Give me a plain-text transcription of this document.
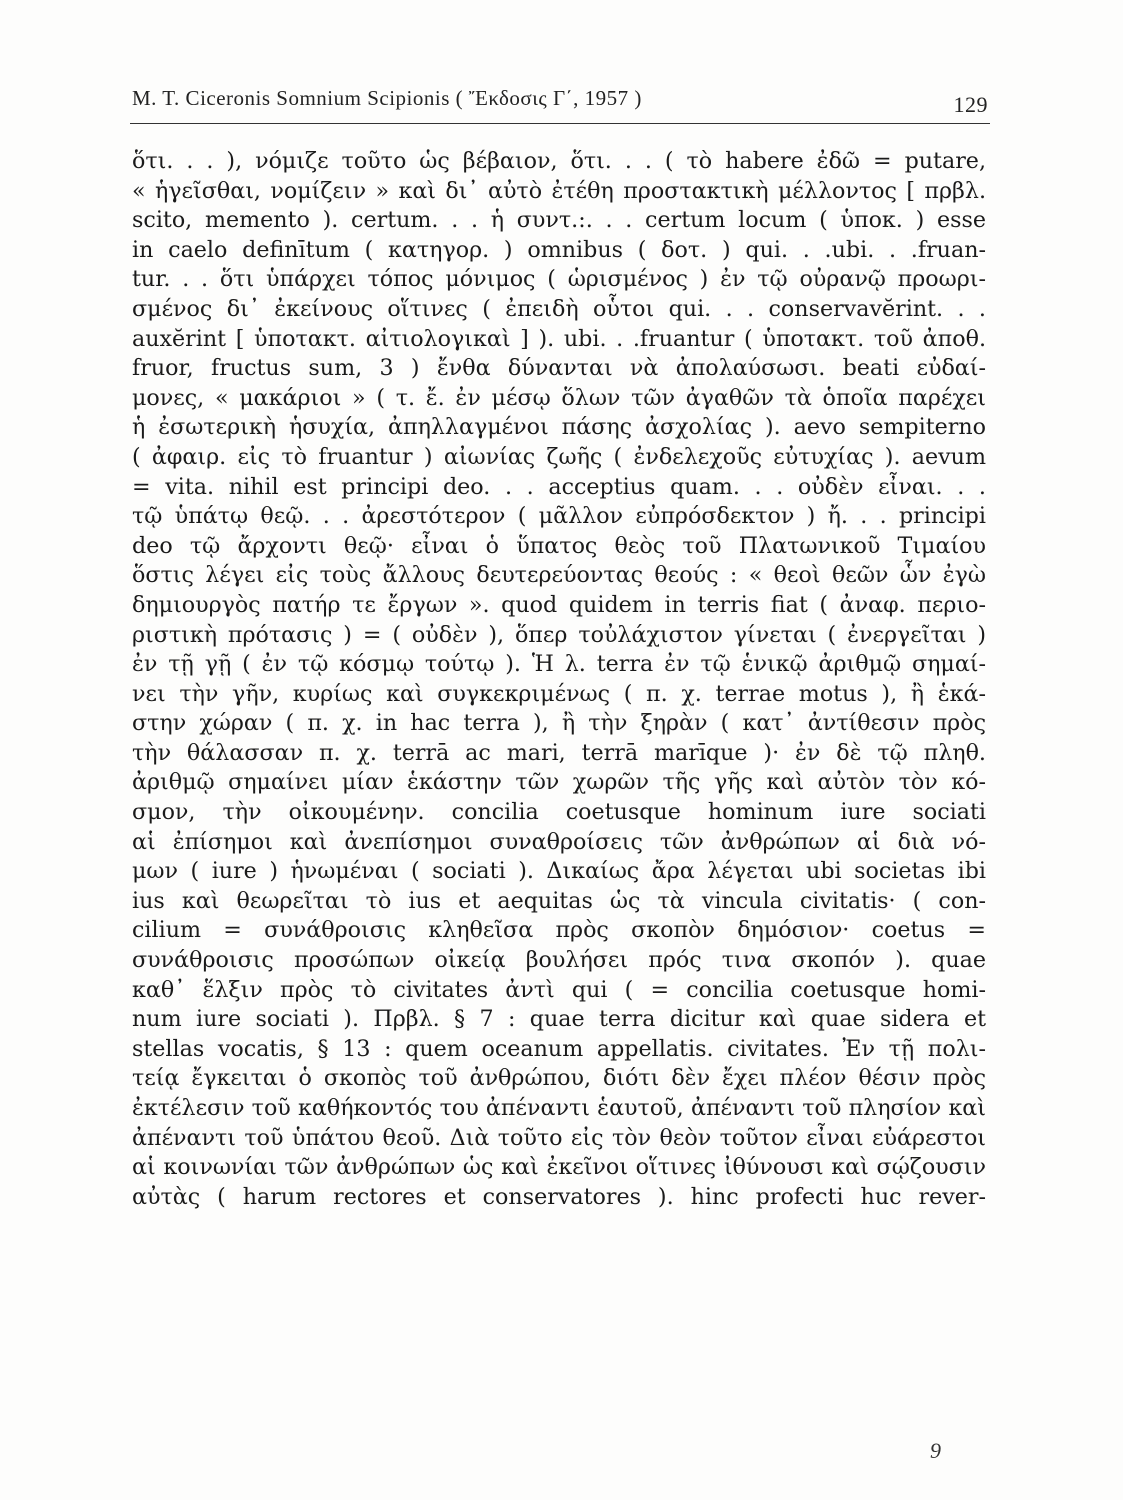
M. T. Ciceronis Somnium Scipionis ( Ἔκδοσις Γ΄, 1957 )	129
ὅτι. . . ), νόμιζε τοῦτο ὡς βέβαιον, ὅτι. . . ( τὸ habere ἐδῶ = putare,
« ἡγεῖσθαι, νομίζειν » καὶ δι᾽ αὐτὸ ἐτέθη προστακτικὴ μέλλοντος [ πρβλ.
scito, memento ). certum. . . ἡ συντ.:. . . certum locum ( ὑποκ. ) esse
in caelo definītum ( κατηγορ. ) omnibus ( δοτ. ) qui. . .ubi. . .fruan-
tur. . . ὅτι ὑπάρχει τόπος μόνιμος ( ὡρισμένος ) ἐν τῷ οὐρανῷ προωρι-
σμένος δι᾽ ἐκείνους οἵτινες ( ἐπειδὴ οὗτοι qui. . . conservavĕrint. . .
auxĕrint [ ὑποτακτ. αἰτιολογικαὶ ] ). ubi. . .fruantur ( ὑποτακτ. τοῦ ἀποθ.
fruor, fructus sum, 3 ) ἔνθα δύνανται νὰ ἀπολαύσωσι. beati εὐδαί-
μονες, « μακάριοι » ( τ. ἔ. ἐν μέσῳ ὅλων τῶν ἀγαθῶν τὰ ὁποῖα παρέχει
ἡ ἐσωτερικὴ ἡσυχία, ἀπηλλαγμένοι πάσης ἀσχολίας ). aevo sempiterno
( ἀφαιρ. εἰς τὸ fruantur ) αἰωνίας ζωῆς ( ἐνδελεχοῦς εὐτυχίας ). aevum
= vita. nihil est principi deo. . . acceptius quam. . . οὐδὲν εἶναι. . .
τῷ ὑπάτῳ θεῷ. . . ἀρεστότερον ( μᾶλλον εὐπρόσδεκτον ) ἤ. . . principi
deo τῷ ἄρχοντι θεῷ· εἶναι ὁ ὕπατος θεὸς τοῦ Πλατωνικοῦ Τιμαίου
ὅστις λέγει εἰς τοὺς ἄλλους δευτερεύοντας θεούς : « θεοὶ θεῶν ὧν ἐγὼ
δημιουργὸς πατήρ τε ἔργων ». quod quidem in terris fiat ( ἀναφ. περιο-
ριστικὴ πρότασις ) = ( οὐδὲν ), ὅπερ τοὐλάχιστον γίνεται ( ἐνεργεῖται )
ἐν τῇ γῇ ( ἐν τῷ κόσμῳ τούτῳ ). Ἡ λ. terra ἐν τῷ ἑνικῷ ἀριθμῷ σημαί-
νει τὴν γῆν, κυρίως καὶ συγκεκριμένως ( π. χ. terrae motus ), ἢ ἑκά-
στην χώραν ( π. χ. in hac terra ), ἢ τὴν ξηρὰν ( κατ᾽ ἀντίθεσιν πρὸς
τὴν θάλασσαν π. χ. terrā ac mari, terrā marīque )· ἐν δὲ τῷ πληθ.
ἀριθμῷ σημαίνει μίαν ἑκάστην τῶν χωρῶν τῆς γῆς καὶ αὐτὸν τὸν κό-
σμον, τὴν οἰκουμένην. concilia coetusque hominum iure sociati
αἱ ἐπίσημοι καὶ ἀνεπίσημοι συναθροίσεις τῶν ἀνθρώπων αἱ διὰ νό-
μων ( iure ) ἡνωμέναι ( sociati ). Δικαίως ἄρα λέγεται ubi societas ibi
ius καὶ θεωρεῖται τὸ ius et aequitas ὡς τὰ vincula civitatis· ( con-
cilium = συνάθροισις κληθεῖσα πρὸς σκοπὸν δημόσιον· coetus =
συνάθροισις προσώπων οἰκείᾳ βουλήσει πρός τινα σκοπόν ). quae
καθ᾽ ἕλξιν πρὸς τὸ civitates ἀντὶ qui ( = concilia coetusque homi-
num iure sociati ). Πρβλ. § 7 : quae terra dicitur καὶ quae sidera et
stellas vocatis, § 13 : quem oceanum appellatis. civitates. Ἐν τῇ πολι-
τείᾳ ἔγκειται ὁ σκοπὸς τοῦ ἀνθρώπου, διότι δὲν ἔχει πλέον θέσιν πρὸς
ἐκτέλεσιν τοῦ καθήκοντός του ἀπέναντι ἑαυτοῦ, ἀπέναντι τοῦ πλησίον καὶ
ἀπέναντι τοῦ ὑπάτου θεοῦ. Διὰ τοῦτο εἰς τὸν θεὸν τοῦτον εἶναι εὐάρεστοι
αἱ κοινωνίαι τῶν ἀνθρώπων ὡς καὶ ἐκεῖνοι οἵτινες ἰθύνουσι καὶ σῴζουσιν
αὐτὰς ( harum rectores et conservatores ). hinc profecti huc rever-
9
